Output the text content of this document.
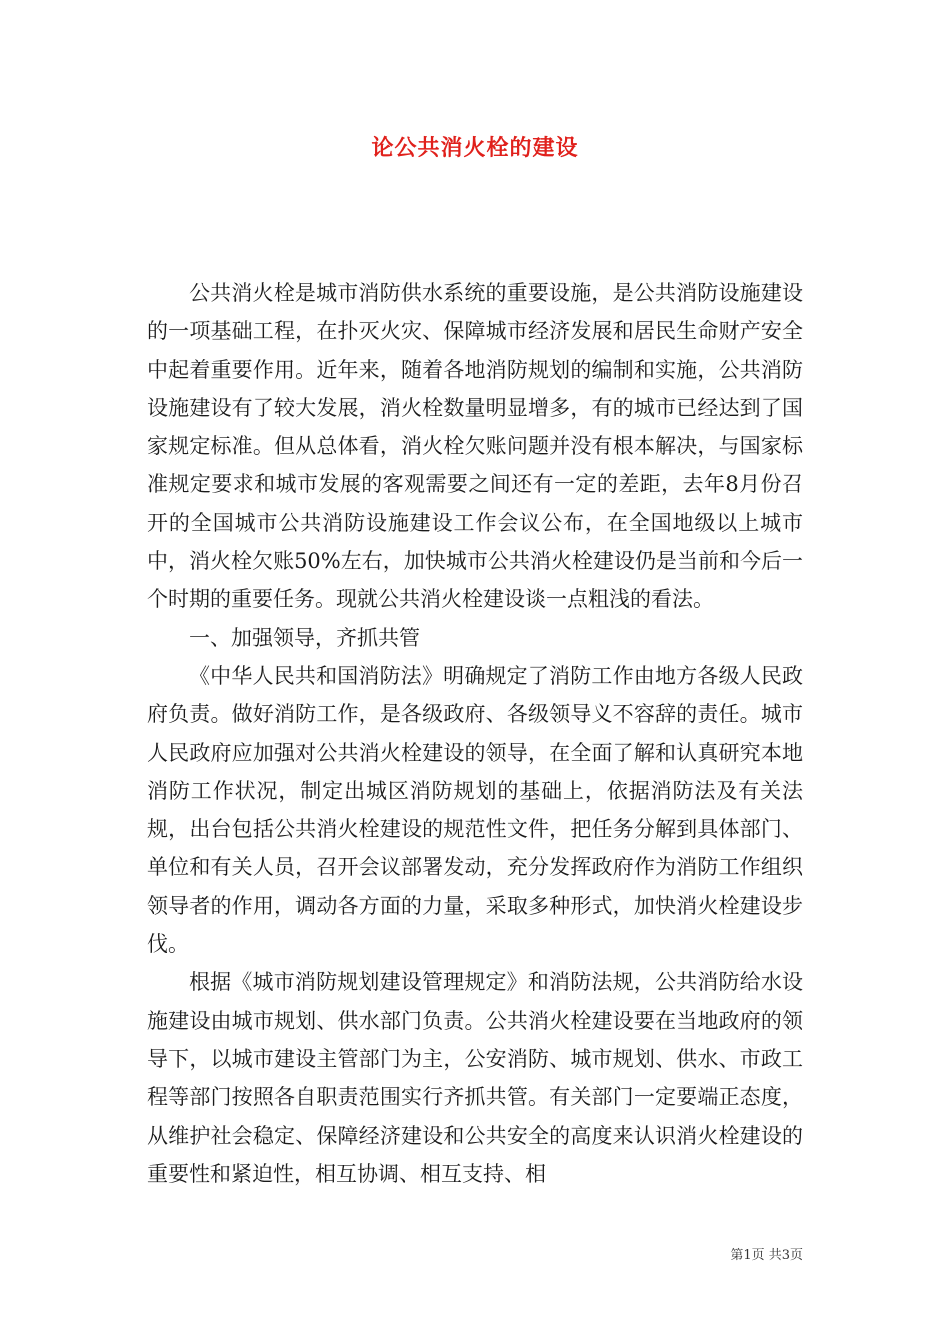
论公共消火栓的建设

公共消火栓是城市消防供水系统的重要设施，是公共消防设施建设的一项基础工程，在扑灭火灾、保障城市经济发展和居民生命财产安全中起着重要作用。近年来，随着各地消防规划的编制和实施，公共消防设施建设有了较大发展，消火栓数量明显增多，有的城市已经达到了国家规定标准。但从总体看，消火栓欠账问题并没有根本解决，与国家标准规定要求和城市发展的客观需要之间还有一定的差距，去年8月份召开的全国城市公共消防设施建设工作会议公布，在全国地级以上城市中，消火栓欠账50%左右，加快城市公共消火栓建设仍是当前和今后一个时期的重要任务。现就公共消火栓建设谈一点粗浅的看法。

一、加强领导，齐抓共管

《中华人民共和国消防法》明确规定了消防工作由地方各级人民政府负责。做好消防工作，是各级政府、各级领导义不容辞的责任。城市人民政府应加强对公共消火栓建设的领导，在全面了解和认真研究本地消防工作状况，制定出城区消防规划的基础上，依据消防法及有关法规，出台包括公共消火栓建设的规范性文件，把任务分解到具体部门、单位和有关人员，召开会议部署发动，充分发挥政府作为消防工作组织领导者的作用，调动各方面的力量，采取多种形式，加快消火栓建设步伐。

根据《城市消防规划建设管理规定》和消防法规，公共消防给水设施建设由城市规划、供水部门负责。公共消火栓建设要在当地政府的领导下，以城市建设主管部门为主，公安消防、城市规划、供水、市政工程等部门按照各自职责范围实行齐抓共管。有关部门一定要端正态度，从维护社会稳定、保障经济建设和公共安全的高度来认识消火栓建设的重要性和紧迫性，相互协调、相互支持、相

第1页 共3页
